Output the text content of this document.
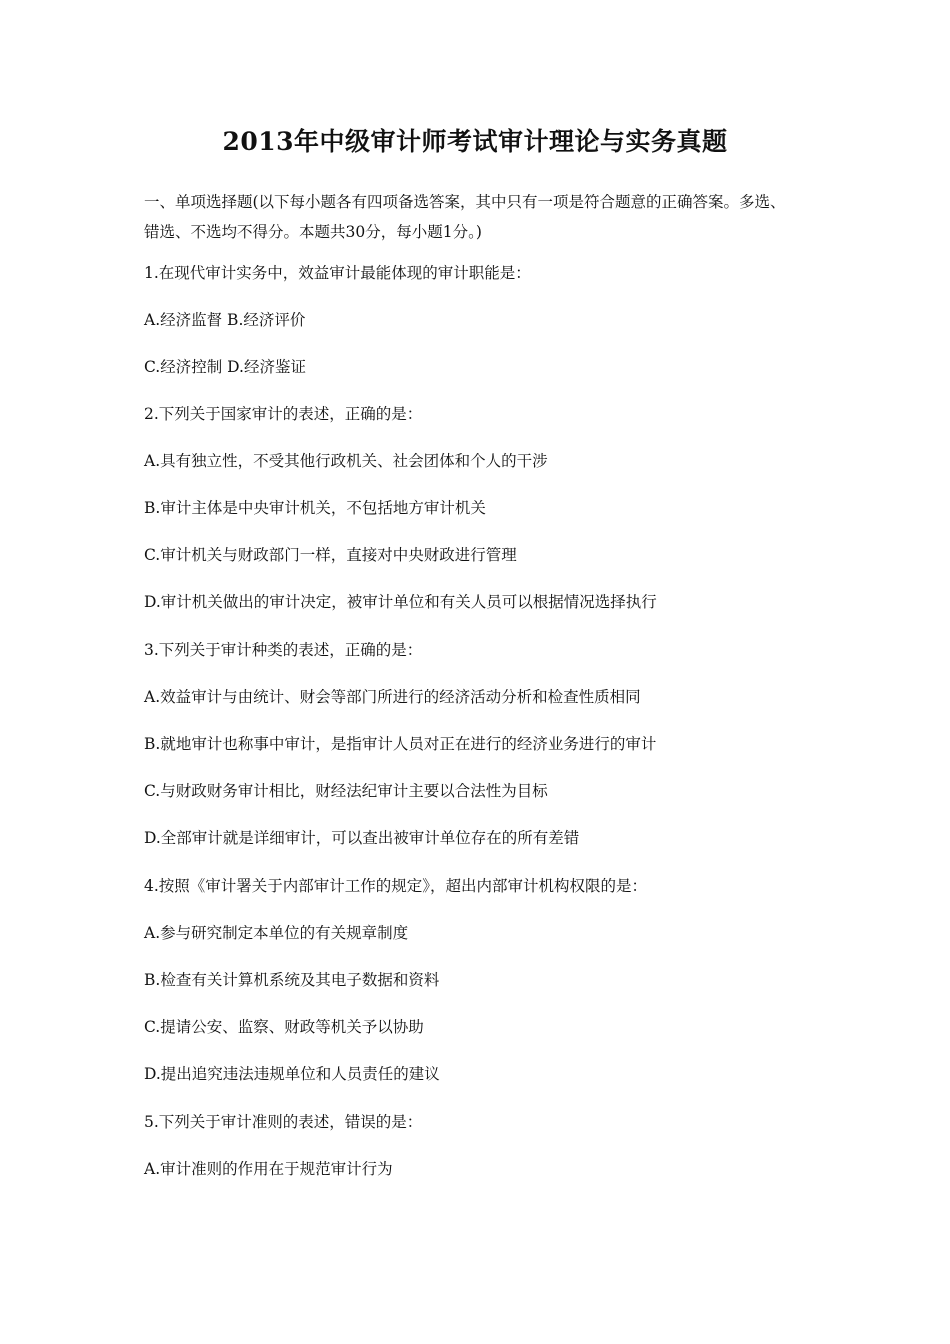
2013年中级审计师考试审计理论与实务真题
一、单项选择题(以下每小题各有四项备选答案，其中只有一项是符合题意的正确答案。多选、
错选、不选均不得分。本题共30分，每小题1分。)
1.在现代审计实务中，效益审计最能体现的审计职能是：
A.经济监督 B.经济评价
C.经济控制 D.经济鉴证
2.下列关于国家审计的表述，正确的是：
A.具有独立性，不受其他行政机关、社会团体和个人的干涉
B.审计主体是中央审计机关，不包括地方审计机关
C.审计机关与财政部门一样，直接对中央财政进行管理
D.审计机关做出的审计决定，被审计单位和有关人员可以根据情况选择执行
3.下列关于审计种类的表述，正确的是：
A.效益审计与由统计、财会等部门所进行的经济活动分析和检查性质相同
B.就地审计也称事中审计，是指审计人员对正在进行的经济业务进行的审计
C.与财政财务审计相比，财经法纪审计主要以合法性为目标
D.全部审计就是详细审计，可以查出被审计单位存在的所有差错
4.按照《审计署关于内部审计工作的规定》，超出内部审计机构权限的是：
A.参与研究制定本单位的有关规章制度
B.检查有关计算机系统及其电子数据和资料
C.提请公安、监察、财政等机关予以协助
D.提出追究违法违规单位和人员责任的建议
5.下列关于审计准则的表述，错误的是：
A.审计准则的作用在于规范审计行为
